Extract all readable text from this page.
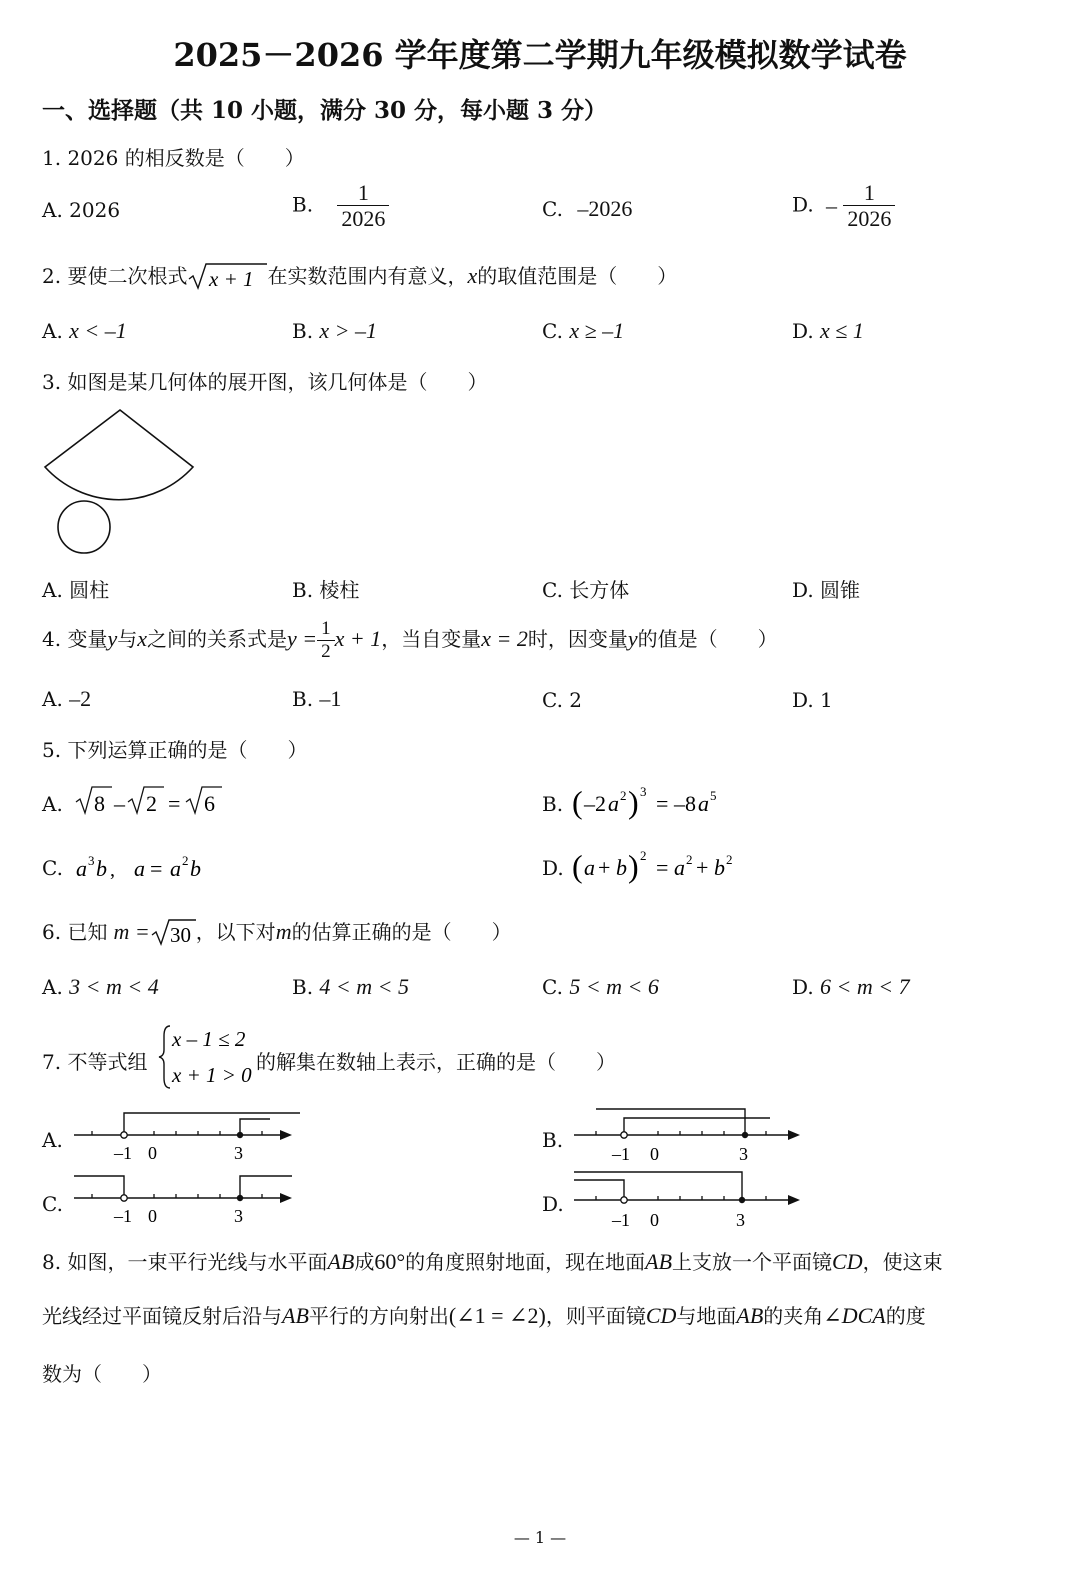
2025－2026 学年度第二学期九年级模拟数学试卷
一、选择题（共 10 小题，满分 30 分，每小题 3 分）
1. 2026 的相反数是（　　）
A. 2026	B. $\frac{1}{2026}$	C. –2026	D. – $\frac{1}{2026}$
2. 要使二次根式 x + 1 在实数范围内有意义，x的取值范围是（　　）
A. x < –1	B. x > –1	C. x ≥ –1	D. x ≤ 1
3. 如图是某几何体的展开图，该几何体是（　　）
A. 圆柱	B. 棱柱	C. 长方体	D. 圆锥
4. 变量y与x之间的关系式是$y = \frac{1}{2}$ x + 1，当自变量x = 2时，因变量y的值是（　　）
A. –2	B. –1	C. 2	D. 1
5. 下列运算正确的是（　　）
A. 8 – 2 = 6	B. ( –2 a 2 ) 3 = –8 a 5
C. a 3 b , a = a 2 b	D. ( a + b ) 2 = a 2 + b 2
6. 已知 m = 30 ，以下对m的估算正确的是（　　）
A. 3 < m < 4	B. 4 < m < 5	C. 5 < m < 6	D. 6 < m < 7
7. 不等式组
x – 1 ≤ 2
x + 1 > 0
的解集在数轴上表示，正确的是（　　）
A.
–1 0	3
B.
–1 0	3
C.	–1 0	3	D.
–1 0	3
8. 如图，一束平行光线与水平面AB成60°的角度照射地面，现在地面AB上支放一个平面镜CD，使这束
光线经过平面镜反射后沿与AB平行的方向射出(∠1 = ∠2)，则平面镜CD与地面AB的夹角∠DCA的度
数为（　　）
— 1 —
